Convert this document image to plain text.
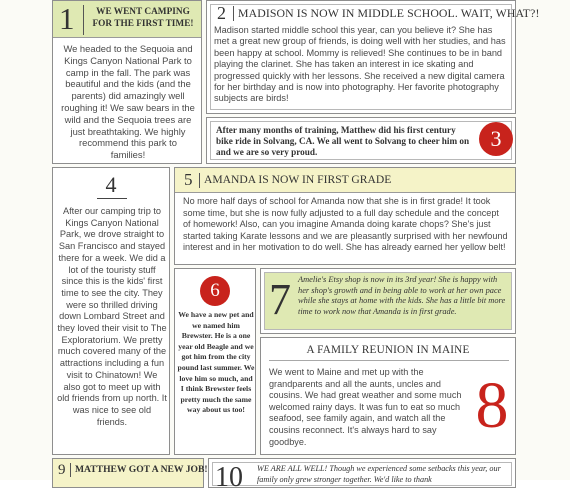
1	WE WENT CAMPING FOR THE FIRST TIME!
We headed to the Sequoia and Kings Canyon National Park to camp in the fall. The park was beautiful and the kids (and the parents) did amazingly well roughing it! We saw bears in the wild and the Sequoia trees are just breathtaking. We highly recommend this park to families!
2 MADISON IS NOW IN MIDDLE SCHOOL. WAIT, WHAT?!
Madison started middle school this year, can you believe it? She has met a great new group of friends, is doing well with her studies, and has been happy at school. Mommy is relieved! She continues to be in band playing the clarinet. She has taken an interest in ice skating and progressed quickly with her lessons. She received a new digital camera for her birthday and is now into photography. Her favorite photography subjects are birds!
After many months of training, Matthew did his first century bike ride in Solvang, CA. We all went to Solvang to cheer him on and we are so very proud.
3
4
After our camping trip to Kings Canyon National Park, we drove straight to San Francisco and stayed there for a week. We did a lot of the touristy stuff since this is the kids' first time to see the city. They were so thrilled driving down Lombard Street and they loved their visit to The Exploratorium. We pretty much covered many of the attractions including a fun visit to Chinatown! We also got to meet up with old friends from up north. It was nice to see old friends.
5 AMANDA IS NOW IN FIRST GRADE
No more half days of school for Amanda now that she is in first grade! It took some time, but she is now fully adjusted to a full day schedule and the concept of homework! Also, can you imagine Amanda doing karate chops? She's just started taking Karate lessons and we are pleasantly surprised with her newfound interest and in her motivation to do well. She has already earned her yellow belt!
6
We have a new pet and we named him Brewster. He is a one year old Beagle and we got him from the city pound last summer. We love him so much, and I think Brewster feels pretty much the same way about us too!
7 Amelie's Etsy shop is now in its 3rd year! She is happy with her shop's growth and in being able to work at her own pace while she stays at home with the kids. She has a little bit more time to work now that Amanda is in first grade.
A FAMILY REUNION IN MAINE
We went to Maine and met up with the grandparents and all the aunts, uncles and cousins. We had great weather and some much welcomed rainy days. It was fun to eat so much seafood, see family again, and watch all the cousins reconnect. It's always hard to say goodbye.	8
9 MATTHEW GOT A NEW JOB! 10 WE ARE ALL WELL! Though we experienced some setbacks this year, our family only grew stronger together. We'd like to thank
